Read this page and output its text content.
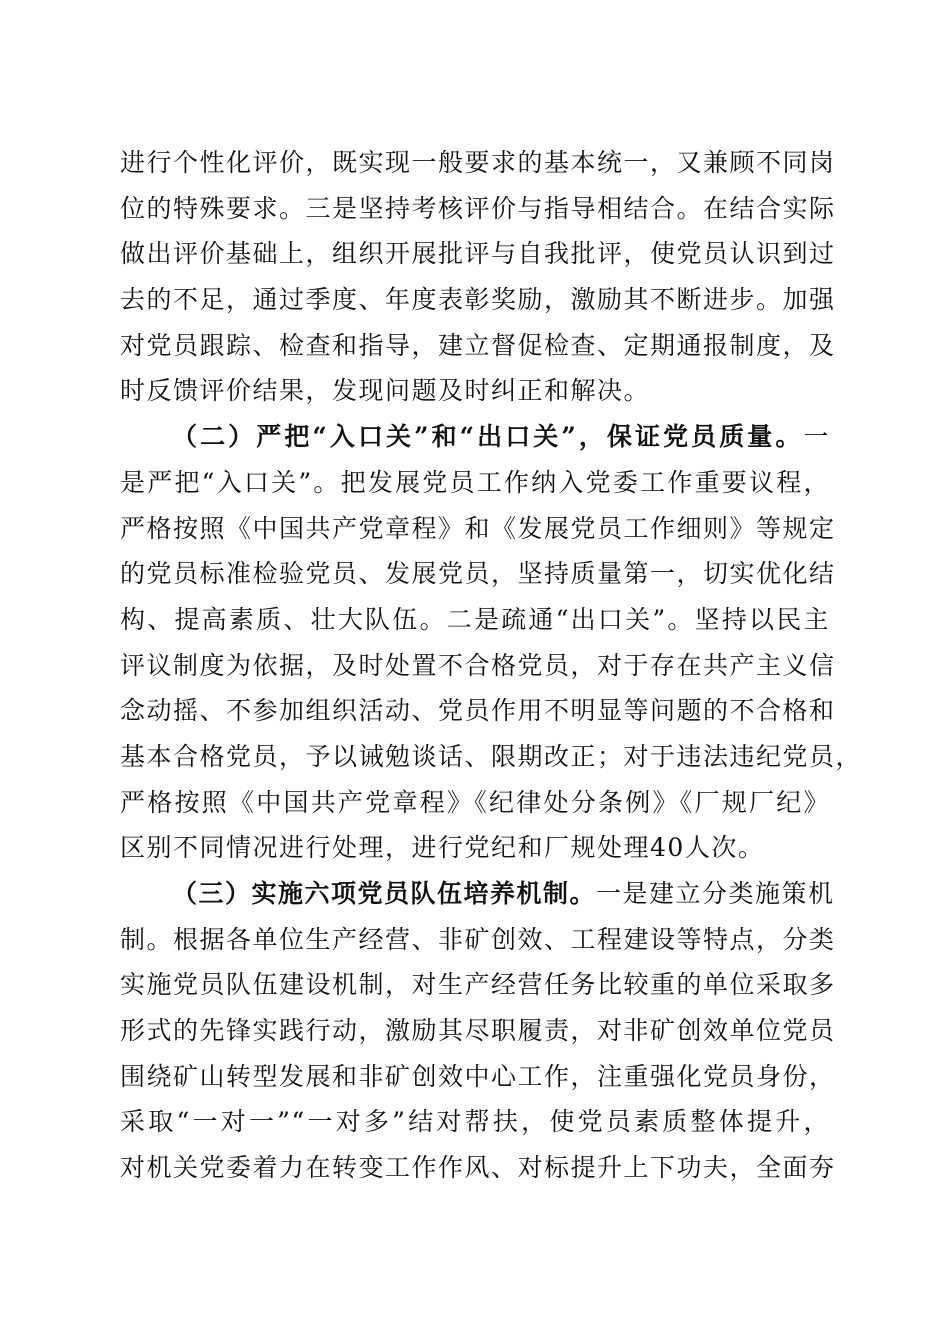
进行个性化评价，既实现一般要求的基本统一，又兼顾不同岗
位的特殊要求。三是坚持考核评价与指导相结合。在结合实际
做出评价基础上，组织开展批评与自我批评，使党员认识到过
去的不足，通过季度、年度表彰奖励，激励其不断进步。加强
对党员跟踪、检查和指导，建立督促检查、定期通报制度，及
时反馈评价结果，发现问题及时纠正和解决。
（二）严把“入口关”和“出口关”，保证党员质量。一
是严把“入口关”。把发展党员工作纳入党委工作重要议程，
严格按照《中国共产党章程》和《发展党员工作细则》等规定
的党员标准检验党员、发展党员，坚持质量第一，切实优化结
构、提高素质、壮大队伍。二是疏通“出口关”。坚持以民主
评议制度为依据，及时处置不合格党员，对于存在共产主义信
念动摇、不参加组织活动、党员作用不明显等问题的不合格和
基本合格党员，予以诫勉谈话、限期改正；对于违法违纪党员，
严格按照《中国共产党章程》《纪律处分条例》《厂规厂纪》
区别不同情况进行处理，进行党纪和厂规处理40人次。
（三）实施六项党员队伍培养机制。一是建立分类施策机
制。根据各单位生产经营、非矿创效、工程建设等特点，分类
实施党员队伍建设机制，对生产经营任务比较重的单位采取多
形式的先锋实践行动，激励其尽职履责，对非矿创效单位党员
围绕矿山转型发展和非矿创效中心工作，注重强化党员身份，
采取“一对一”“一对多”结对帮扶，使党员素质整体提升，
对机关党委着力在转变工作作风、对标提升上下功夫，全面夯
